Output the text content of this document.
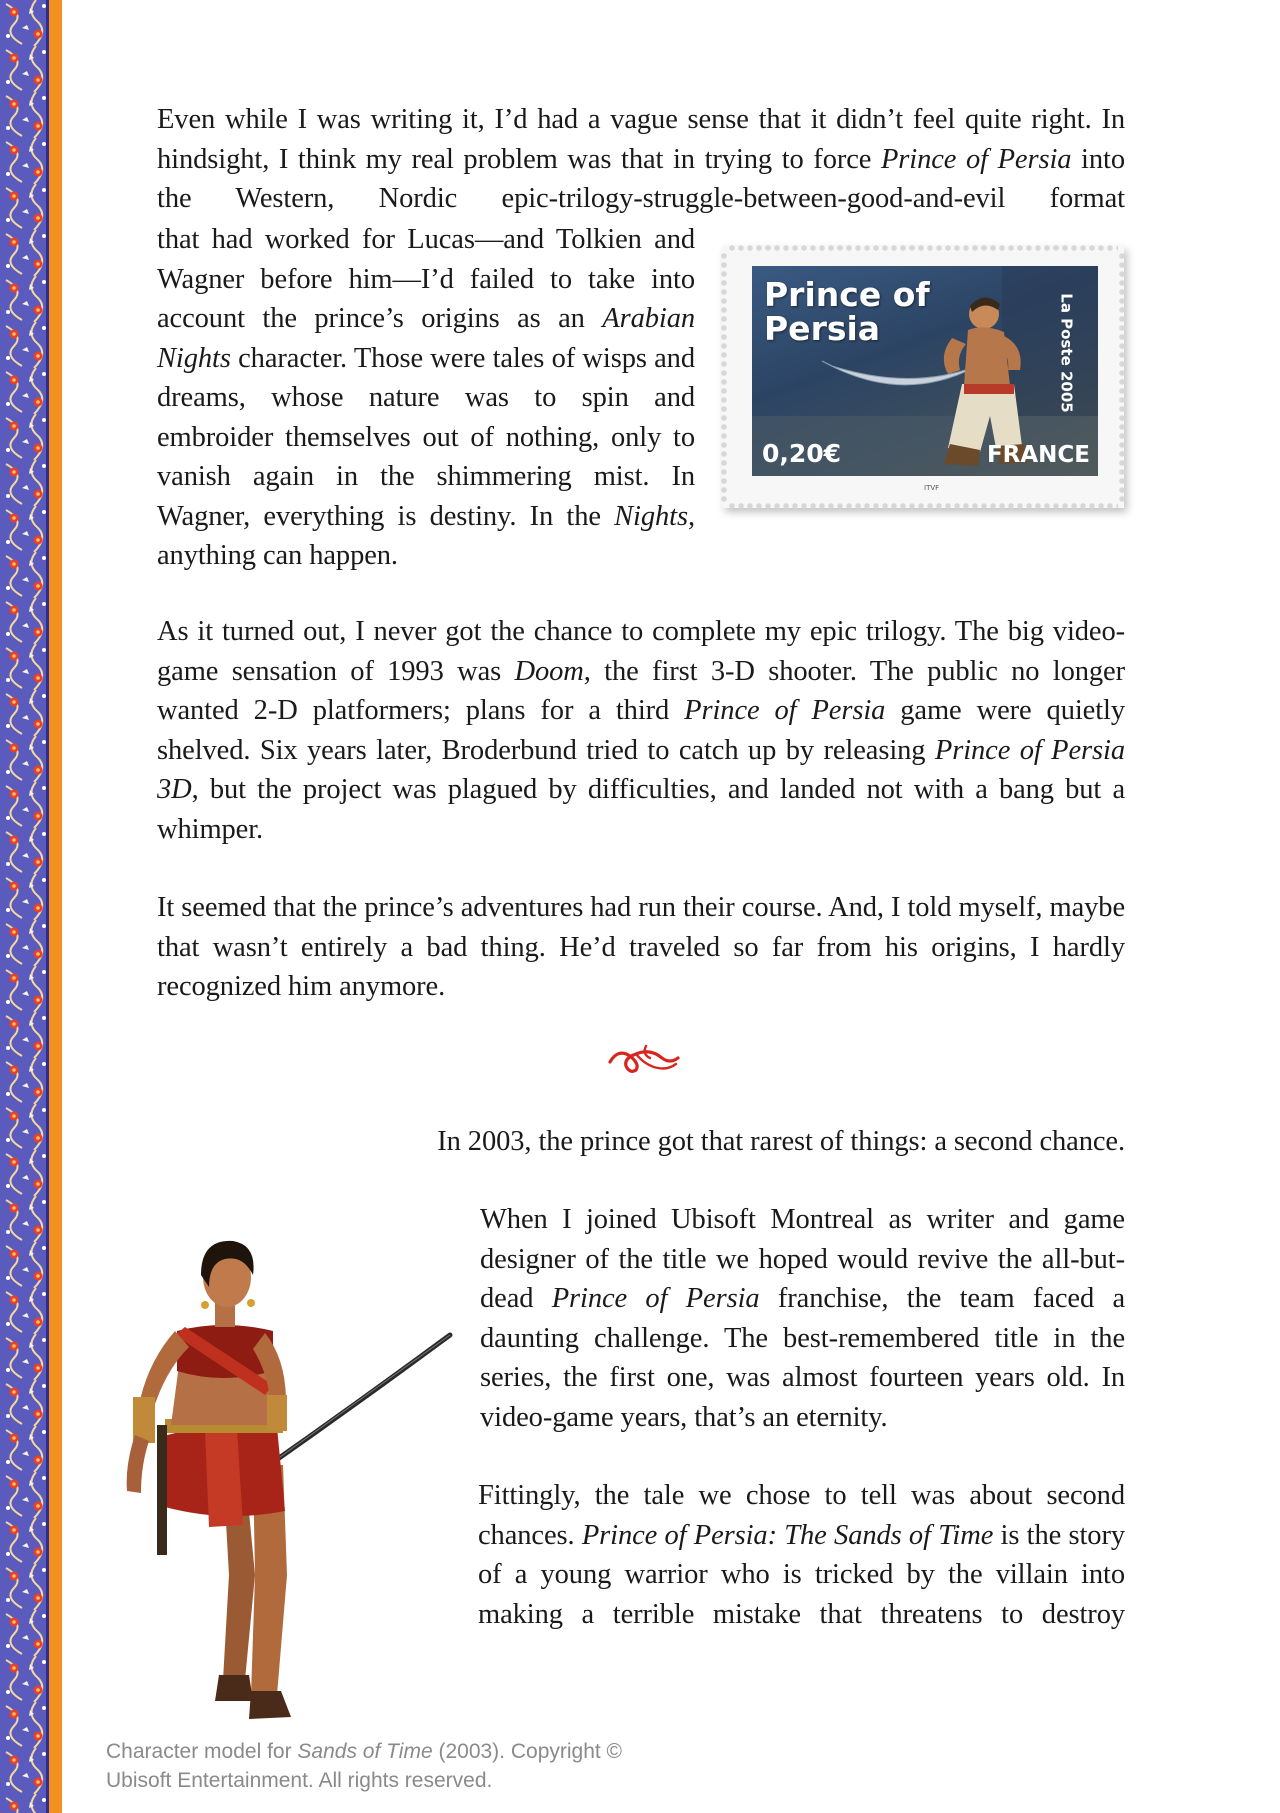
Even while I was writing it, I’d had a vague sense that it didn’t feel quite right. In hindsight, I think my real problem was that in trying to force Prince of Persia into the Western, Nordic epic-trilogy-struggle-between-good-and-evil format

that had worked for Lucas—and Tolkien and Wagner before him—I’d failed to take into account the prince’s origins as an Arabian Nights character. Those were tales of wisps and dreams, whose nature was to spin and embroider themselves out of nothing, only to vanish again in the shimmering mist. In Wagner, everything is destiny. In the Nights, anything can happen.

Prince of
Persia	La Poste 2005
0,20€	FRANCE
ITVF

As it turned out, I never got the chance to complete my epic trilogy. The big video-game sensation of 1993 was Doom, the first 3-D shooter. The public no longer wanted 2-D platformers; plans for a third Prince of Persia game were quietly shelved. Six years later, Broderbund tried to catch up by releasing Prince of Persia 3D, but the project was plagued by difficulties, and landed not with a bang but a whimper.

It seemed that the prince’s adventures had run their course. And, I told myself, maybe that wasn’t entirely a bad thing. He’d traveled so far from his origins, I hardly recognized him anymore.

In 2003, the prince got that rarest of things: a second chance.

When I joined Ubisoft Montreal as writer and game designer of the title we hoped would revive the all-but-dead Prince of Persia franchise, the team faced a daunting challenge. The best-remembered title in the series, the first one, was almost fourteen years old. In video-game years, that’s an eternity.

Fittingly, the tale we chose to tell was about second chances. Prince of Persia: The Sands of Time is the story of a young warrior who is tricked by the villain into making a terrible mistake that threatens to destroy

Character model for Sands of Time (2003). Copyright © Ubisoft Entertainment. All rights reserved.
